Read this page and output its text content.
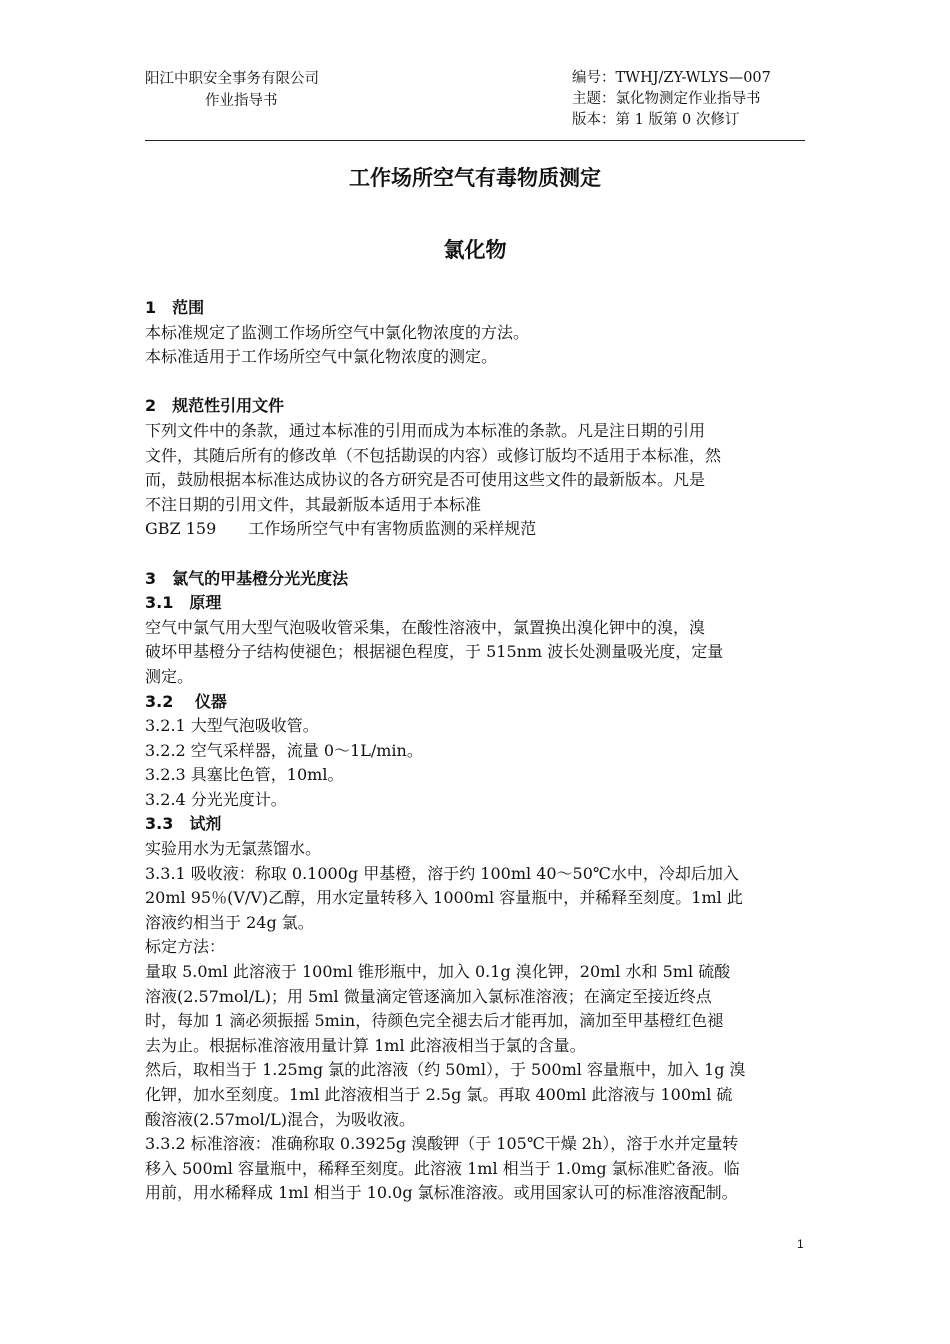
阳江中职安全事务有限公司
作业指导书
编号：TWHJ/ZY-WLYS—007
主题：氯化物测定作业指导书
版本：第 1 版第 0 次修订
工作场所空气有毒物质测定
氯化物
1　范围
本标准规定了监测工作场所空气中氯化物浓度的方法。
本标准适用于工作场所空气中氯化物浓度的测定。
2　规范性引用文件
下列文件中的条款，通过本标准的引用而成为本标准的条款。凡是注日期的引用
文件，其随后所有的修改单（不包括勘误的内容）或修订版均不适用于本标准，然
而，鼓励根据本标准达成协议的各方研究是否可使用这些文件的最新版本。凡是
不注日期的引用文件，其最新版本适用于本标准
GBZ 159　　工作场所空气中有害物质监测的采样规范
3　氯气的甲基橙分光光度法
3.1　原理
空气中氯气用大型气泡吸收管采集，在酸性溶液中，氯置换出溴化钾中的溴，溴
破坏甲基橙分子结构使褪色；根据褪色程度，于 515nm 波长处测量吸光度，定量
测定。
3.2　 仪器
3.2.1 大型气泡吸收管。
3.2.2 空气采样器，流量 0～1L/min。
3.2.3 具塞比色管，10ml。
3.2.4 分光光度计。
3.3　试剂
实验用水为无氯蒸馏水。
3.3.1 吸收液：称取 0.1000g 甲基橙，溶于约 100ml 40～50℃水中，冷却后加入
20ml 95％(V/V)乙醇，用水定量转移入 1000ml 容量瓶中，并稀释至刻度。1ml 此
溶液约相当于 24g 氯。
标定方法：
量取 5.0ml 此溶液于 100ml 锥形瓶中，加入 0.1g 溴化钾，20ml 水和 5ml 硫酸
溶液(2.57mol/L)；用 5ml 微量滴定管逐滴加入氯标准溶液；在滴定至接近终点
时，每加 1 滴必须振摇 5min，待颜色完全褪去后才能再加，滴加至甲基橙红色褪
去为止。根据标准溶液用量计算 1ml 此溶液相当于氯的含量。
然后，取相当于 1.25mg 氯的此溶液（约 50ml），于 500ml 容量瓶中，加入 1g 溴
化钾，加水至刻度。1ml 此溶液相当于 2.5g 氯。再取 400ml 此溶液与 100ml 硫
酸溶液(2.57mol/L)混合，为吸收液。
3.3.2 标准溶液：准确称取 0.3925g 溴酸钾（于 105℃干燥 2h），溶于水并定量转
移入 500ml 容量瓶中，稀释至刻度。此溶液 1ml 相当于 1.0mg 氯标准贮备液。临
用前，用水稀释成 1ml 相当于 10.0g 氯标准溶液。或用国家认可的标准溶液配制。
1
